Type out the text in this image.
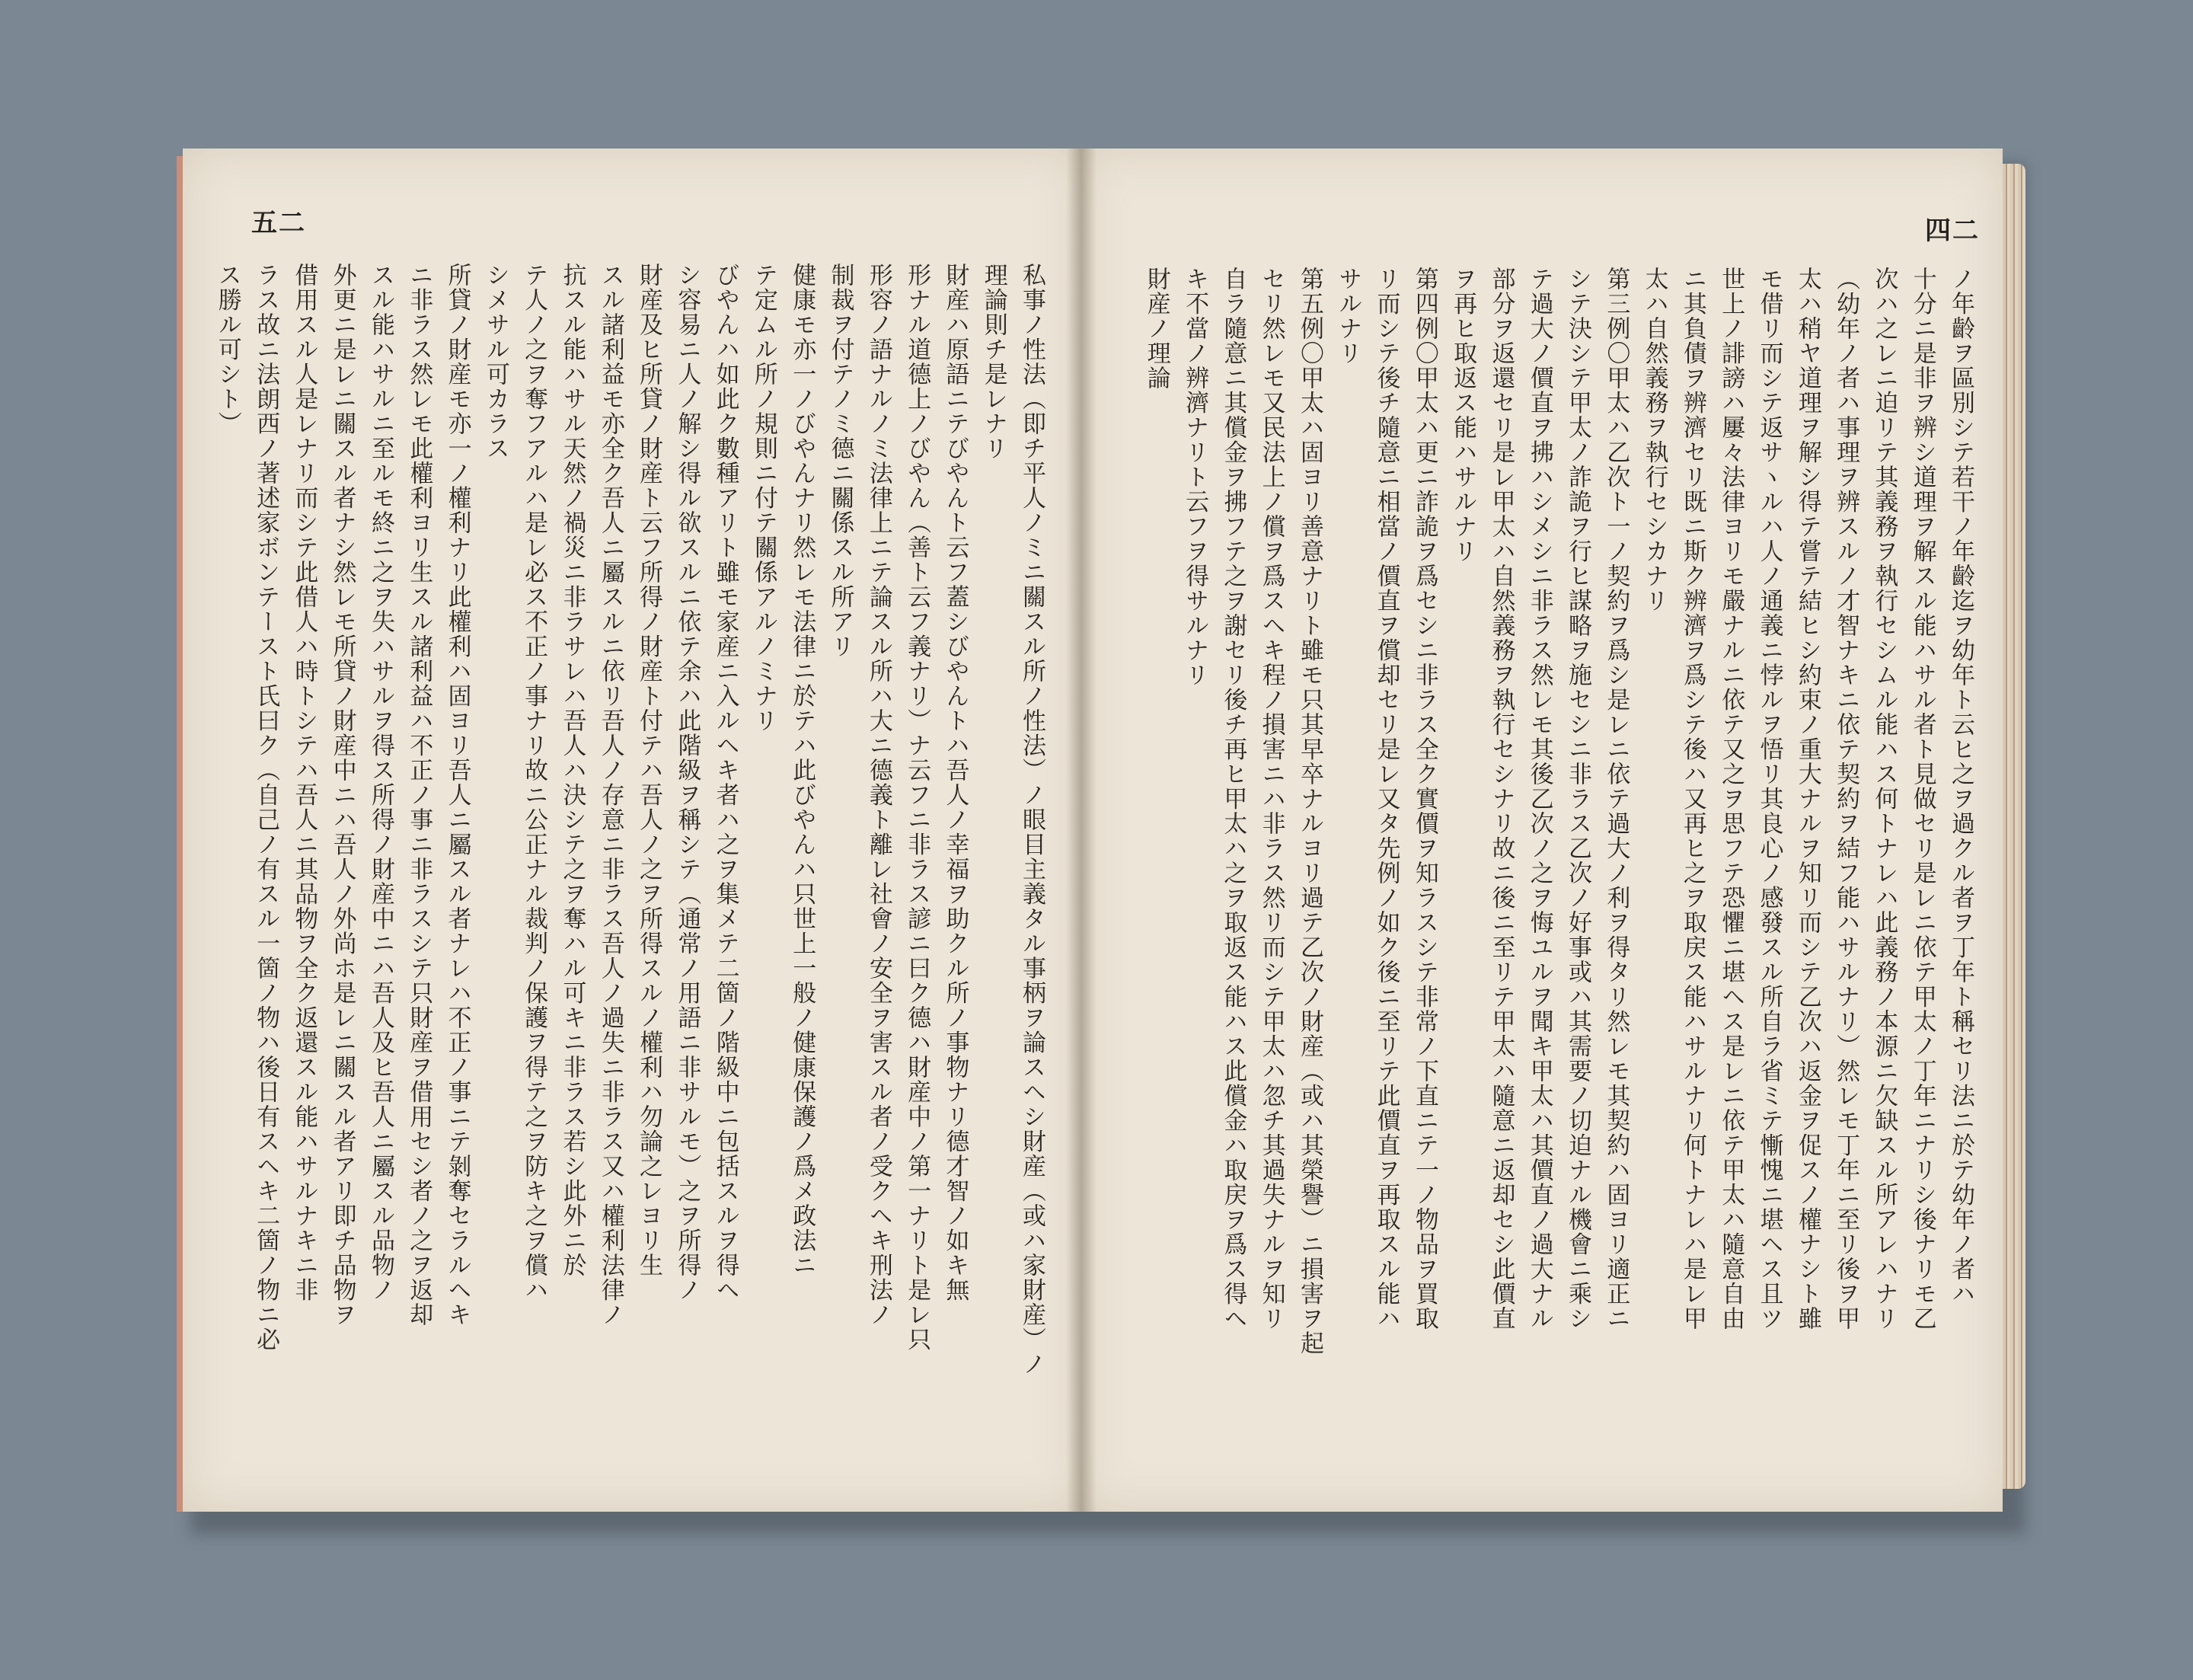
五二
私事ノ性法（即チ平人ノミニ關スル所ノ性法）ノ眼目主義タル事柄ヲ論スヘシ財産（或ハ家財産）ノ
理論則チ是レナリ
財産ハ原語ニテびやんト云フ蓋シびやんトハ吾人ノ幸福ヲ助クル所ノ事物ナリ德才智ノ如キ無
形ナル道德上ノびやん（善ト云フ義ナリ）ナ云フニ非ラス諺ニ曰ク德ハ財産中ノ第一ナリト是レ只
形容ノ語ナルノミ法律上ニテ論スル所ハ大ニ德義ト離レ社會ノ安全ヲ害スル者ノ受クヘキ刑法ノ
制裁ヲ付テノミ德ニ關係スル所アリ
健康モ亦一ノびやんナリ然レモ法律ニ於テハ此びやんハ只世上一般ノ健康保護ノ爲メ政法ニ
テ定ムル所ノ規則ニ付テ關係アルノミナリ
びやんハ如此ク數種アリト雖モ家産ニ入ルヘキ者ハ之ヲ集メテ二箇ノ階級中ニ包括スルヲ得ヘ
シ容易ニ人ノ解シ得ル欲スルニ依テ余ハ此階級ヲ稱シテ（通常ノ用語ニ非サルモ）之ヲ所得ノ
財産及ヒ所貸ノ財産ト云フ所得ノ財産ト付テハ吾人ノ之ヲ所得スルノ權利ハ勿論之レヨリ生
スル諸利益モ亦全ク吾人ニ屬スルニ依リ吾人ノ存意ニ非ラス吾人ノ過失ニ非ラス又ハ權利法律ノ
抗スル能ハサル天然ノ禍災ニ非ラサレハ吾人ハ決シテ之ヲ奪ハル可キニ非ラス若シ此外ニ於
テ人ノ之ヲ奪フアルハ是レ必ス不正ノ事ナリ故ニ公正ナル裁判ノ保護ヲ得テ之ヲ防キ之ヲ償ハ
シメサル可カラス
所貸ノ財産モ亦一ノ權利ナリ此權利ハ固ヨリ吾人ニ屬スル者ナレハ不正ノ事ニテ剝奪セラルヘキ
ニ非ラス然レモ此權利ヨリ生スル諸利益ハ不正ノ事ニ非ラスシテ只財産ヲ借用セシ者ノ之ヲ返却
スル能ハサルニ至ルモ終ニ之ヲ失ハサルヲ得ス所得ノ財産中ニハ吾人及ヒ吾人ニ屬スル品物ノ
外更ニ是レニ關スル者ナシ然レモ所貸ノ財産中ニハ吾人ノ外尚ホ是レニ關スル者アリ即チ品物ヲ
借用スル人是レナリ而シテ此借人ハ時トシテハ吾人ニ其品物ヲ全ク返還スル能ハサルナキニ非
ラス故ニ法朗西ノ著述家ボンテースト氏曰ク（自己ノ有スル一箇ノ物ハ後日有スヘキ二箇ノ物ニ必
ス勝ル可シト）
四二
ノ年齡ヲ區別シテ若干ノ年齡迄ヲ幼年ト云ヒ之ヲ過クル者ヲ丁年ト稱セリ法ニ於テ幼年ノ者ハ
十分ニ是非ヲ辨シ道理ヲ解スル能ハサル者ト見做セリ是レニ依テ甲太ノ丁年ニナリシ後ナリモ乙
次ハ之レニ迫リテ其義務ヲ執行セシムル能ハス何トナレハ此義務ノ本源ニ欠缺スル所アレハナリ
（幼年ノ者ハ事理ヲ辨スルノ才智ナキニ依テ契約ヲ結フ能ハサルナリ）然レモ丁年ニ至リ後ヲ甲
太ハ稍ヤ道理ヲ解シ得テ嘗テ結ヒシ約束ノ重大ナルヲ知リ而シテ乙次ハ返金ヲ促スノ權ナシト雖
モ借リ而シテ返サヽルハ人ノ通義ニ悖ルヲ悟リ其良心ノ感發スル所自ラ省ミテ慚愧ニ堪ヘス且ツ
世上ノ誹謗ハ屢々法律ヨリモ嚴ナルニ依テ又之ヲ思フテ恐懼ニ堪ヘス是レニ依テ甲太ハ隨意自由
ニ其負債ヲ辨濟セリ既ニ斯ク辨濟ヲ爲シテ後ハ又再ヒ之ヲ取戻ス能ハサルナリ何トナレハ是レ甲
太ハ自然義務ヲ執行セシカナリ
第三例〇甲太ハ乙次ト一ノ契約ヲ爲シ是レニ依テ過大ノ利ヲ得タリ然レモ其契約ハ固ヨリ適正ニ
シテ決シテ甲太ノ詐詭ヲ行ヒ謀略ヲ施セシニ非ラス乙次ノ好事或ハ其需要ノ切迫ナル機會ニ乘シ
テ過大ノ價直ヲ拂ハシメシニ非ラス然レモ其後乙次ノ之ヲ悔ユルヲ聞キ甲太ハ其價直ノ過大ナル
部分ヲ返還セリ是レ甲太ハ自然義務ヲ執行セシナリ故ニ後ニ至リテ甲太ハ隨意ニ返却セシ此價直
ヲ再ヒ取返ス能ハサルナリ
第四例〇甲太ハ更ニ詐詭ヲ爲セシニ非ラス全ク實價ヲ知ラスシテ非常ノ下直ニテ一ノ物品ヲ買取
リ而シテ後チ隨意ニ相當ノ價直ヲ償却セリ是レ又タ先例ノ如ク後ニ至リテ此價直ヲ再取スル能ハ
サルナリ
第五例〇甲太ハ固ヨリ善意ナリト雖モ只其早卒ナルヨリ過テ乙次ノ財産（或ハ其榮譽）ニ損害ヲ起
セリ然レモ又民法上ノ償ヲ爲スヘキ程ノ損害ニハ非ラス然リ而シテ甲太ハ忽チ其過失ナルヲ知リ
自ラ隨意ニ其償金ヲ拂フテ之ヲ謝セリ後チ再ヒ甲太ハ之ヲ取返ス能ハス此償金ハ取戻ヲ爲ス得ヘ
キ不當ノ辨濟ナリト云フヲ得サルナリ
財産ノ理論
